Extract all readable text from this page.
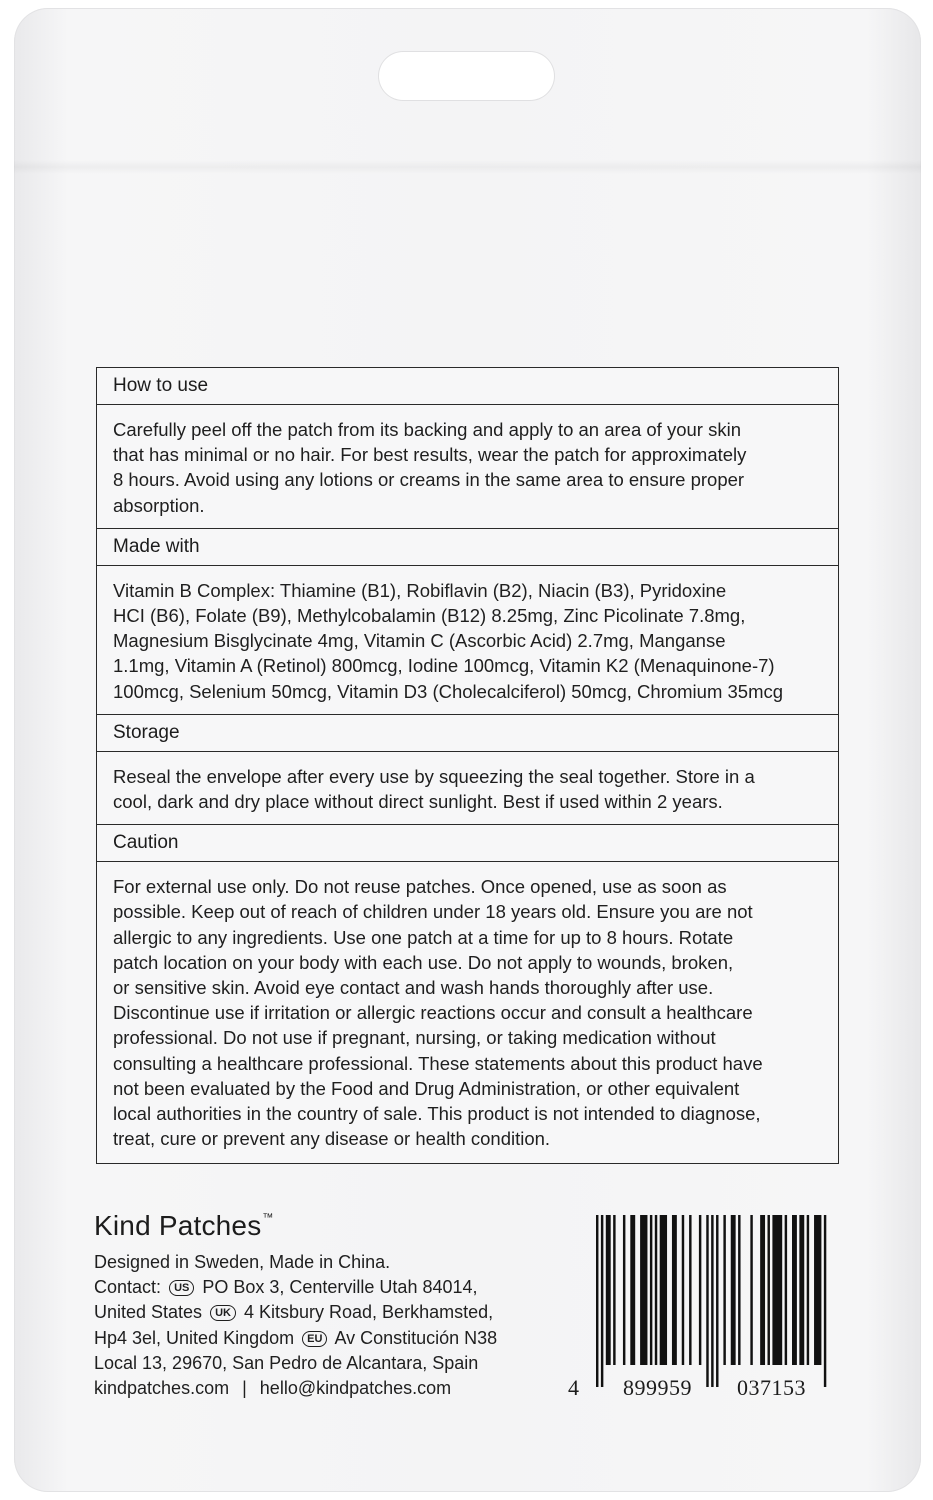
How to use
Carefully peel off the patch from its backing and apply to an area of your skin
that has minimal or no hair. For best results, wear the patch for approximately
8 hours. Avoid using any lotions or creams in the same area to ensure proper
absorption.
Made with
Vitamin B Complex: Thiamine (B1), Robiflavin (B2), Niacin (B3), Pyridoxine
HCI (B6), Folate (B9), Methylcobalamin (B12) 8.25mg, Zinc Picolinate 7.8mg,
Magnesium Bisglycinate 4mg, Vitamin C (Ascorbic Acid) 2.7mg, Manganse
1.1mg, Vitamin A (Retinol) 800mcg, Iodine 100mcg, Vitamin K2 (Menaquinone-7)
100mcg, Selenium 50mcg, Vitamin D3 (Cholecalciferol) 50mcg, Chromium 35mcg
Storage
Reseal the envelope after every use by squeezing the seal together. Store in a
cool, dark and dry place without direct sunlight. Best if used within 2 years.
Caution
For external use only. Do not reuse patches. Once opened, use as soon as
possible. Keep out of reach of children under 18 years old. Ensure you are not
allergic to any ingredients. Use one patch at a time for up to 8 hours. Rotate
patch location on your body with each use. Do not apply to wounds, broken,
or sensitive skin. Avoid eye contact and wash hands thoroughly after use.
Discontinue use if irritation or allergic reactions occur and consult a healthcare
professional. Do not use if pregnant, nursing, or taking medication without
consulting a healthcare professional. These statements about this product have
not been evaluated by the Food and Drug Administration, or other equivalent
local authorities in the country of sale. This product is not intended to diagnose,
treat, cure or prevent any disease or health condition.
Kind Patches™
Designed in Sweden, Made in China.
Contact: US PO Box 3, Centerville Utah 84014,
United States UK 4 Kitsbury Road, Berkhamsted,
Hp4 3el, United Kingdom EU Av Constitución N38
Local 13, 29670, San Pedro de Alcantara, Spain
kindpatches.com | hello@kindpatches.com	4 899959 037153
